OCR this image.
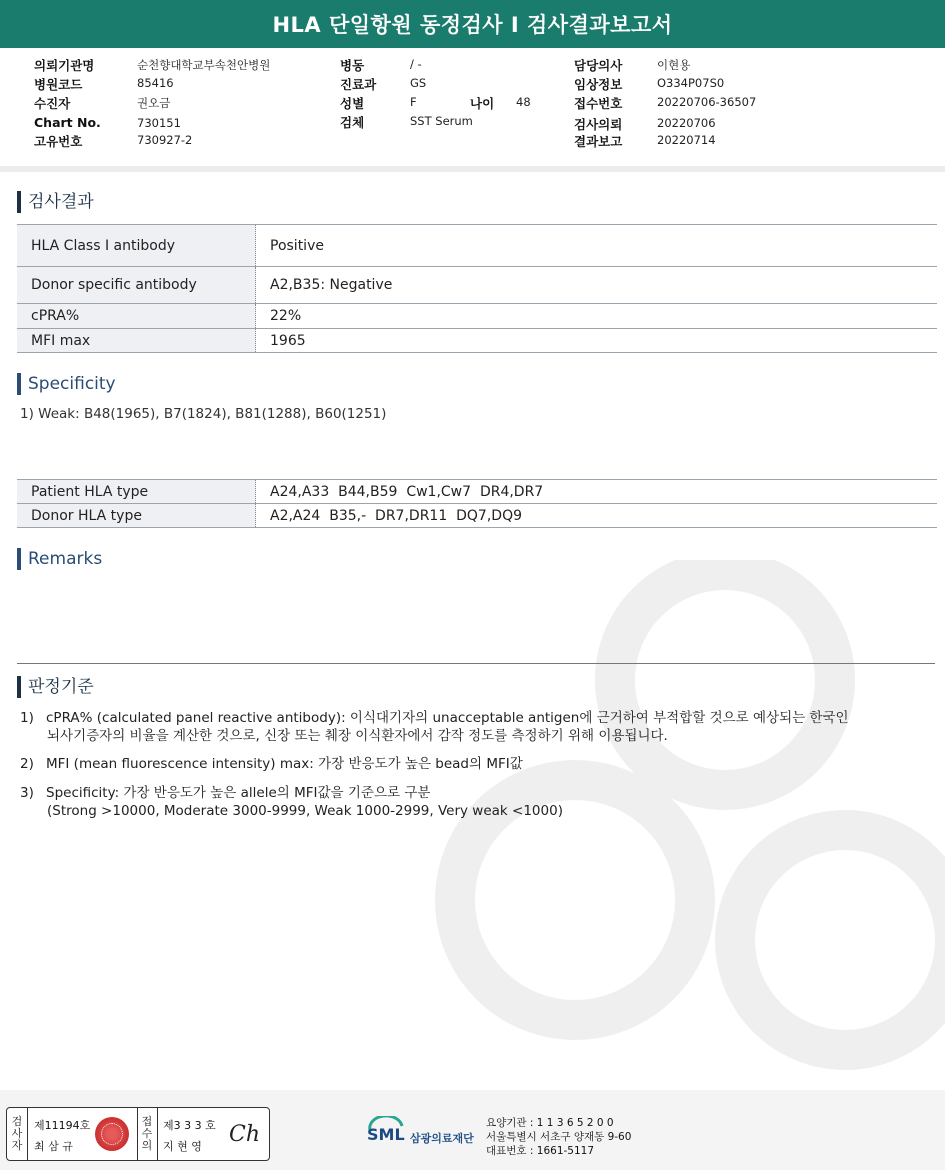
HLA 단일항원 동정검사 I 검사결과보고서
의뢰기관명	순천향대학교부속천안병원
병원코드	85416
수진자	권오금
Chart No.	730151
고유번호	730927-2
병동	/ -
진료과	GS
성별	F	나이 48
검체	SST Serum
담당의사	이현용
임상정보	O334P07S0
접수번호	20220706-36507
검사의뢰	20220706
결과보고	20220714
검사결과
HLA Class I antibody	Positive
Donor specific antibody	A2,B35: Negative
cPRA%	22%
MFI max	1965
Specificity
1) Weak: B48(1965), B7(1824), B81(1288), B60(1251)
Patient HLA type	A24,A33  B44,B59  Cw1,Cw7  DR4,DR7
Donor HLA type	A2,A24  B35,-  DR7,DR11  DQ7,DQ9
Remarks
판정기준
1) cPRA% (calculated panel reactive antibody): 이식대기자의 unacceptable antigen에 근거하여 부적합할 것으로 예상되는 한국인
뇌사기증자의 비율을 계산한 것으로, 신장 또는 췌장 이식환자에서 감작 정도를 측정하기 위해 이용됩니다.
2) MFI (mean fluorescence intensity) max: 가장 반응도가 높은 bead의 MFI값
3) Specificity: 가장 반응도가 높은 allele의 MFI값을 기준으로 구분
(Strong >10000, Moderate 3000-9999, Weak 1000-2999, Very weak <1000)
검사자
제11194호
최 삼 규
접수의
제3 3 3 호
지 현 영 Ch	SML 삼광의료재단
요양기관 : 1 1 3 6 5 2 0 0
서울특별시 서초구 양재동 9-60
대표번호 : 1661-5117
